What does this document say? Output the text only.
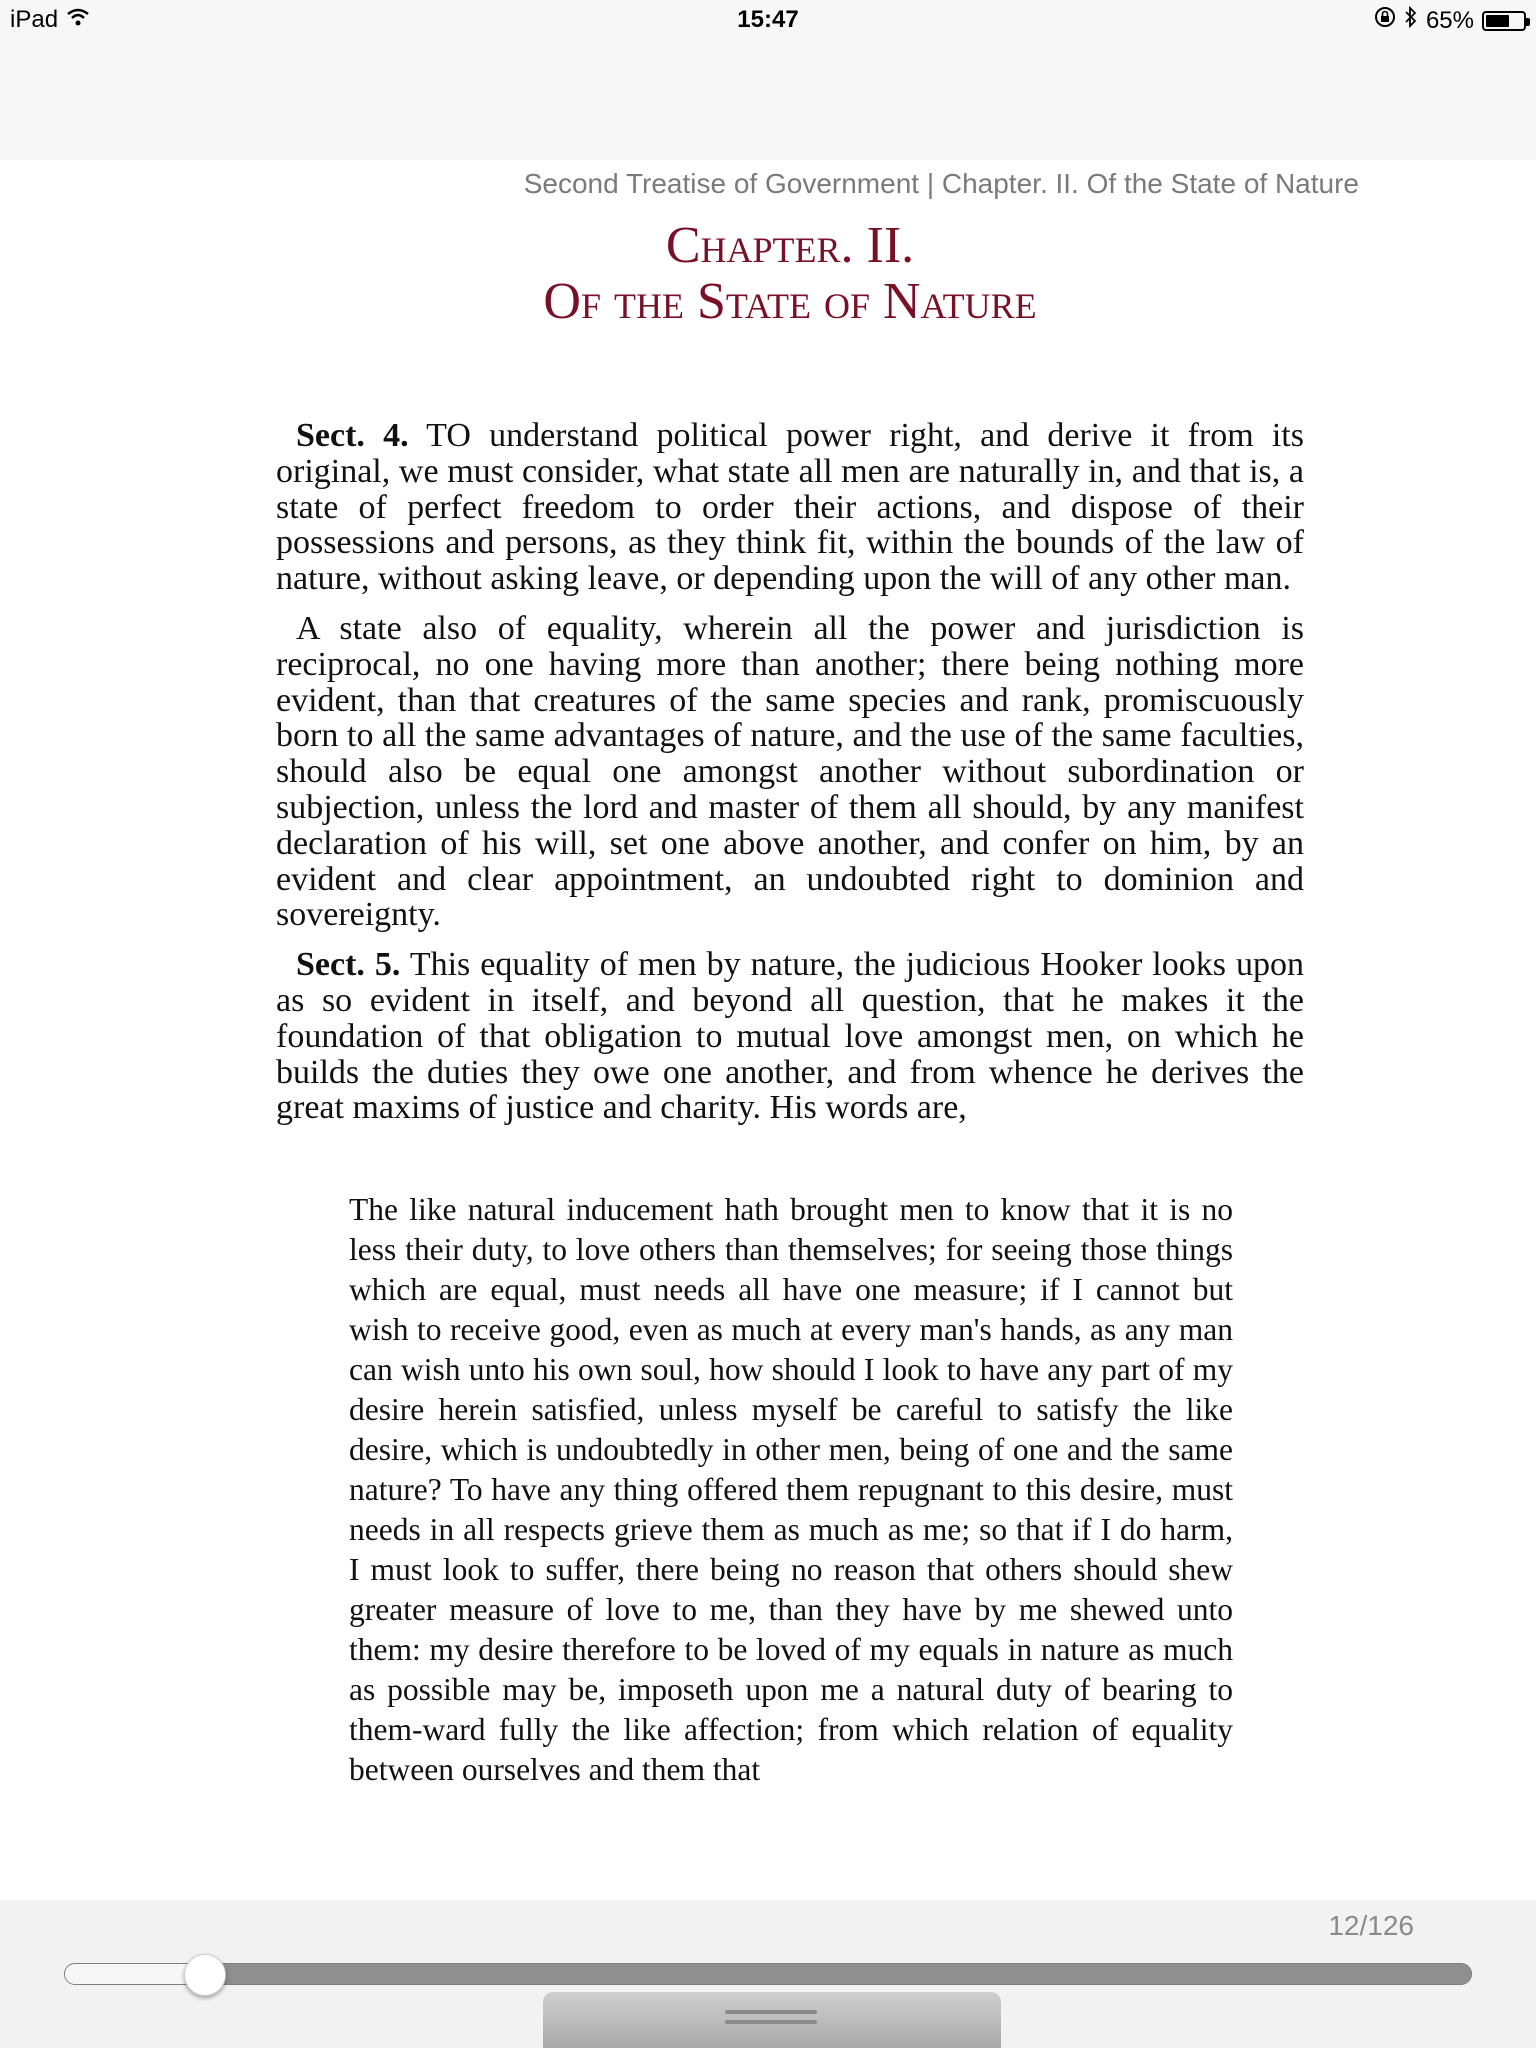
iPad	15:47	65%
Second Treatise of Government | Chapter. II. Of the State of Nature
Chapter. II.
Of the State of Nature

Sect. 4. TO understand political power right, and derive it from its original, we must consider, what state all men are naturally in, and that is, a state of perfect freedom to order their actions, and dispose of their possessions and persons, as they think fit, within the bounds of the law of nature, without asking leave, or depending upon the will of any other man.

A state also of equality, wherein all the power and jurisdiction is reciprocal, no one having more than another; there being nothing more evident, than that creatures of the same species and rank, promiscuously born to all the same advantages of nature, and the use of the same faculties, should also be equal one amongst another without subordination or subjection, unless the lord and master of them all should, by any manifest declaration of his will, set one above another, and confer on him, by an evident and clear appointment, an undoubted right to dominion and sovereignty.

Sect. 5. This equality of men by nature, the judicious Hooker looks upon as so evident in itself, and beyond all question, that he makes it the foundation of that obligation to mutual love amongst men, on which he builds the duties they owe one another, and from whence he derives the great maxims of justice and charity. His words are,

The like natural inducement hath brought men to know that it is no less their duty, to love others than themselves; for seeing those things which are equal, must needs all have one measure; if I cannot but wish to receive good, even as much at every man's hands, as any man can wish unto his own soul, how should I look to have any part of my desire herein satisfied, unless myself be careful to satisfy the like desire, which is undoubtedly in other men, being of one and the same nature? To have any thing offered them repugnant to this desire, must needs in all respects grieve them as much as me; so that if I do harm, I must look to suffer, there being no reason that others should shew greater measure of love to me, than they have by me shewed unto them: my desire therefore to be loved of my equals in nature as much as possible may be, imposeth upon me a natural duty of bearing to them-ward fully the like affection; from which relation of equality between ourselves and them that
12/126
